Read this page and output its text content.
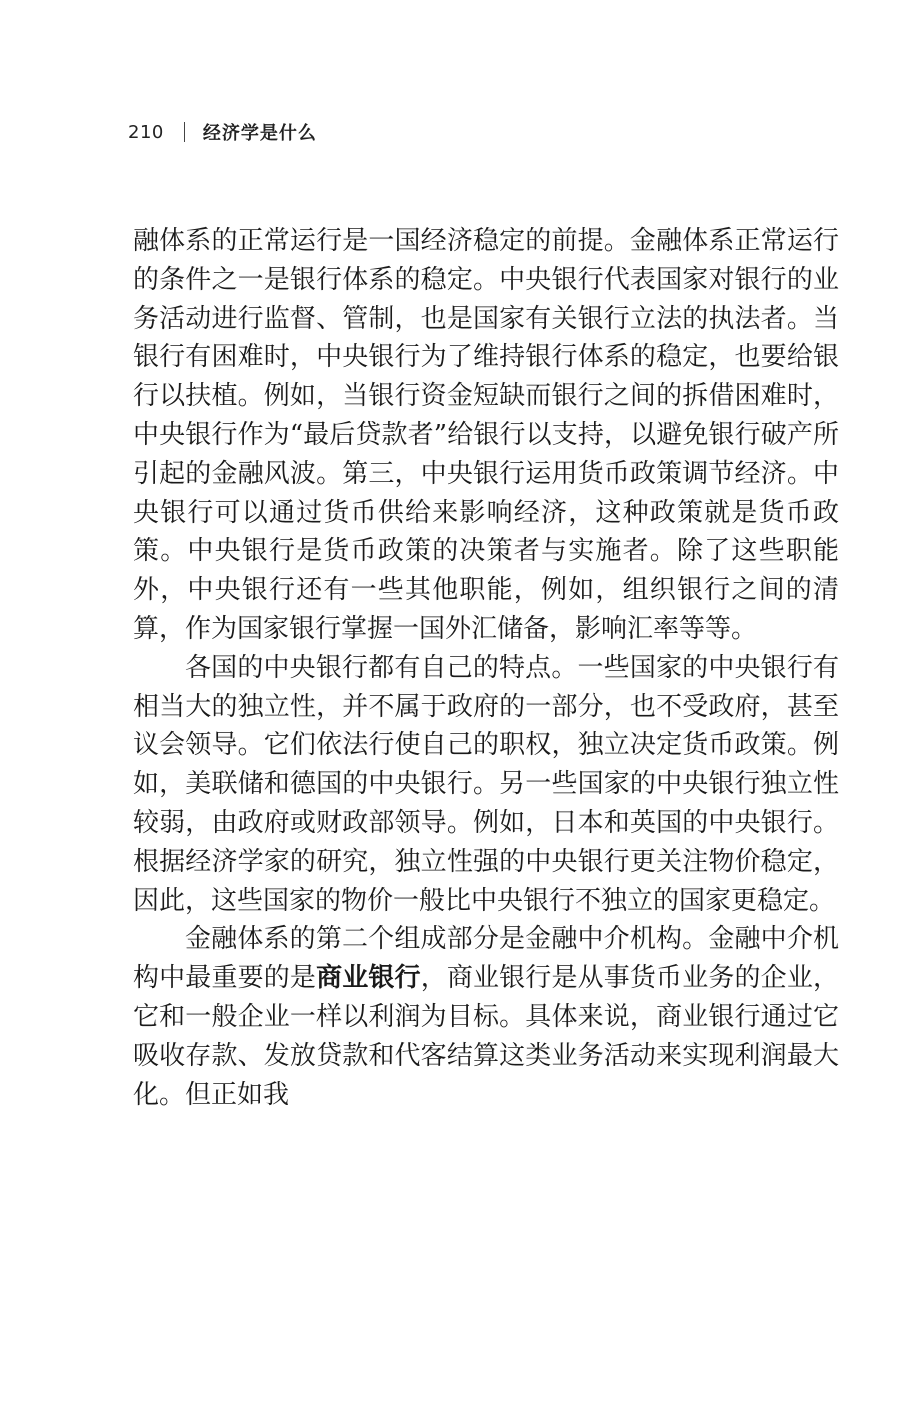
210 经济学是什么

融体系的正常运行是一国经济稳定的前提。金融体系正常运行的条件之一是银行体系的稳定。中央银行代表国家对银行的业务活动进行监督、管制，也是国家有关银行立法的执法者。当银行有困难时，中央银行为了维持银行体系的稳定，也要给银行以扶植。例如，当银行资金短缺而银行之间的拆借困难时，中央银行作为“最后贷款者”给银行以支持，以避免银行破产所引起的金融风波。第三，中央银行运用货币政策调节经济。中央银行可以通过货币供给来影响经济，这种政策就是货币政策。中央银行是货币政策的决策者与实施者。除了这些职能外，中央银行还有一些其他职能，例如，组织银行之间的清算，作为国家银行掌握一国外汇储备，影响汇率等等。

各国的中央银行都有自己的特点。一些国家的中央银行有相当大的独立性，并不属于政府的一部分，也不受政府，甚至议会领导。它们依法行使自己的职权，独立决定货币政策。例如，美联储和德国的中央银行。另一些国家的中央银行独立性较弱，由政府或财政部领导。例如，日本和英国的中央银行。根据经济学家的研究，独立性强的中央银行更关注物价稳定，因此，这些国家的物价一般比中央银行不独立的国家更稳定。

金融体系的第二个组成部分是金融中介机构。金融中介机构中最重要的是商业银行，商业银行是从事货币业务的企业，它和一般企业一样以利润为目标。具体来说，商业银行通过它吸收存款、发放贷款和代客结算这类业务活动来实现利润最大化。但正如我
